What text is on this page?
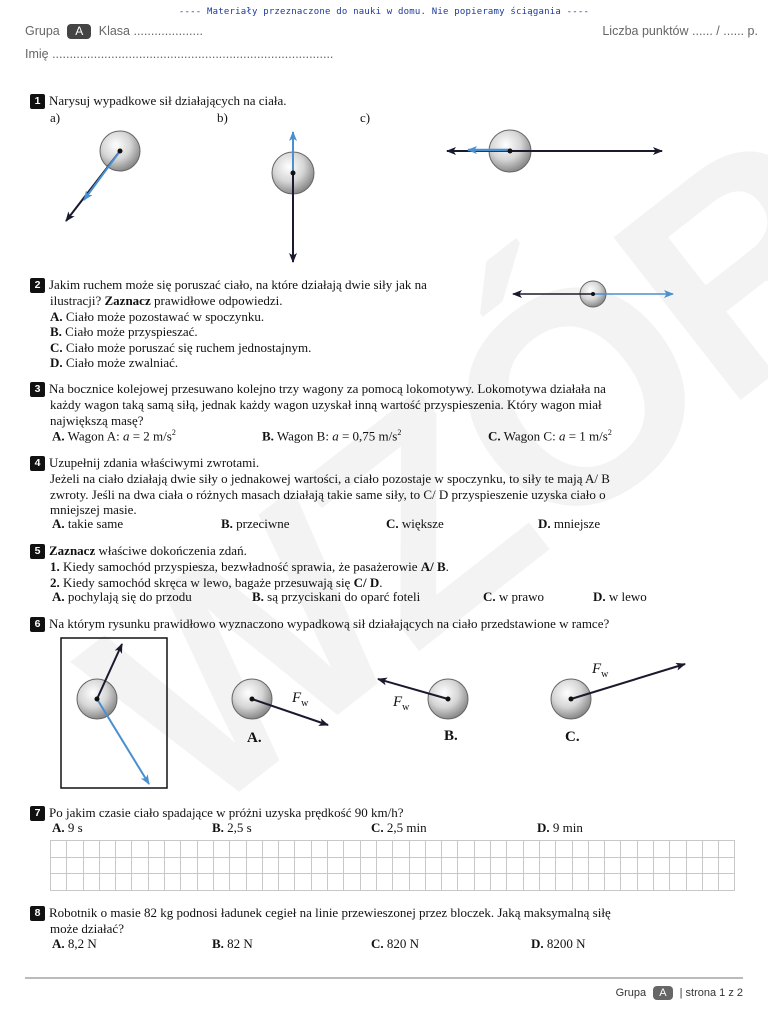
---- Materiały przeznaczone do nauki w domu. Nie popieramy ściągania ----
Grupa A Klasa ....................	Liczba punktów ...... / ...... p.
Imię .................................................................................
1 Narysuj wypadkowe sił działających na ciała.
a)	b)	c)
2 Jakim ruchem może się poruszać ciało, na które działają dwie siły jak na
ilustracji? Zaznacz prawidłowe odpowiedzi.
A. Ciało może pozostawać w spoczynku.
B. Ciało może przyspieszać.
C. Ciało może poruszać się ruchem jednostajnym.
D. Ciało może zwalniać.
3 Na bocznice kolejowej przesuwano kolejno trzy wagony za pomocą lokomotywy. Lokomotywa działała na
każdy wagon taką samą siłą, jednak każdy wagon uzyskał inną wartość przyspieszenia. Który wagon miał
największą masę?
A. Wagon A: a = 2 $m/s^2$	B. Wagon B: a = 0,75 $m/s^2$	C. Wagon C: a = 1 $m/s^2$
4 Uzupełnij zdania właściwymi zwrotami.
Jeżeli na ciało działają dwie siły o jednakowej wartości, a ciało pozostaje w spoczynku, to siły te mają A/ B
zwroty. Jeśli na dwa ciała o różnych masach działają takie same siły, to C/ D przyspieszenie uzyska ciało o
mniejszej masie.
A. takie same	B. przeciwne	C. większe	D. mniejsze
5 Zaznacz właściwe dokończenia zdań.
1. Kiedy samochód przyspiesza, bezwładność sprawia, że pasażerowie A/ B.
2. Kiedy samochód skręca w lewo, bagaże przesuwają się C/ D.
A. pochylają się do przodu	B. są przyciskani do oparć foteli	C. w prawo	D. w lewo
6 Na którym rysunku prawidłowo wyznaczono wypadkową sił działających na ciało przedstawione w ramce?
$F_w$	$F_w$
$F_w$
A.	B.	C.
7 Po jakim czasie ciało spadające w próżni uzyska prędkość 90 km/h?
A. 9 s	B. 2,5 s	C. 2,5 min	D. 9 min

8 Robotnik o masie 82 kg podnosi ładunek cegieł na linie przewieszonej przez bloczek. Jaką maksymalną siłę
może działać?
A. 8,2 N	B. 82 N	C. 820 N	D. 8200 N
Grupa A | strona 1 z 2
